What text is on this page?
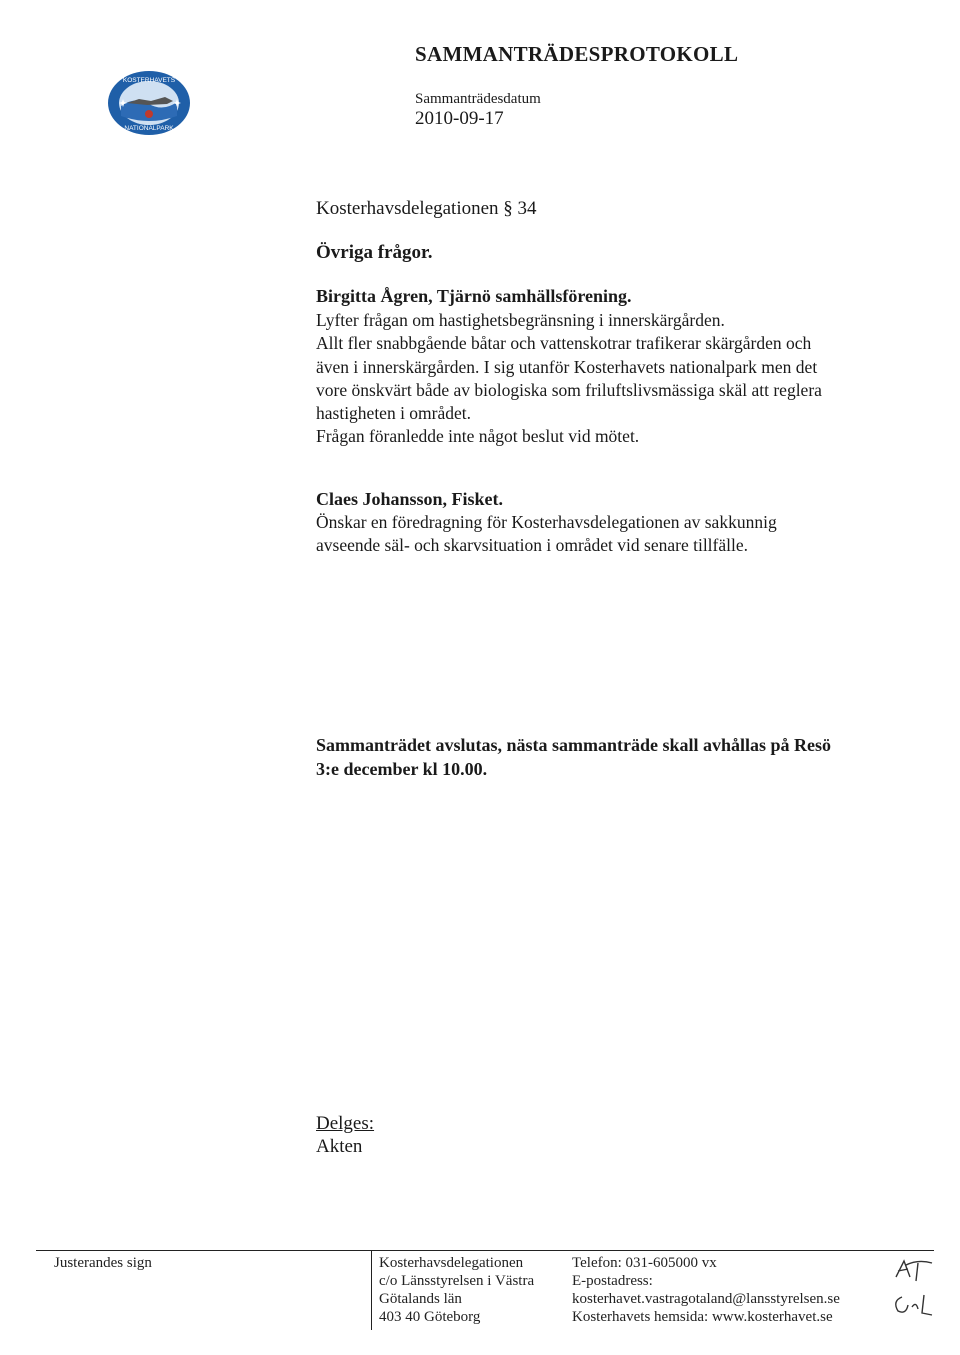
KOSTERHAVETS
NATIONALPARK
SAMMANTRÄDESPROTOKOLL
Sammanträdesdatum
2010-09-17
Kosterhavsdelegationen § 34
Övriga frågor.
Birgitta Ågren, Tjärnö samhällsförening.
Lyfter frågan om hastighetsbegränsning i innerskärgården.
Allt fler snabbgående båtar och vattenskotrar trafikerar skärgården och
även i innerskärgården. I sig utanför Kosterhavets nationalpark men det
vore önskvärt både av biologiska som friluftslivsmässiga skäl att reglera
hastigheten i området.
Frågan föranledde inte något beslut vid mötet.
Claes Johansson, Fisket.
Önskar en föredragning för Kosterhavsdelegationen av sakkunnig
avseende säl- och skarvsituation i området vid senare tillfälle.
Sammanträdet avslutas, nästa sammanträde skall avhållas på Resö
3:e december kl 10.00.
Delges:
Akten
Justerandes sign	Kosterhavsdelegationen
c/o Länsstyrelsen i Västra
Götalands län
403 40 Göteborg
Telefon: 031-605000 vx
E-postadress:
kosterhavet.vastragotaland@lansstyrelsen.se
Kosterhavets hemsida: www.kosterhavet.se
